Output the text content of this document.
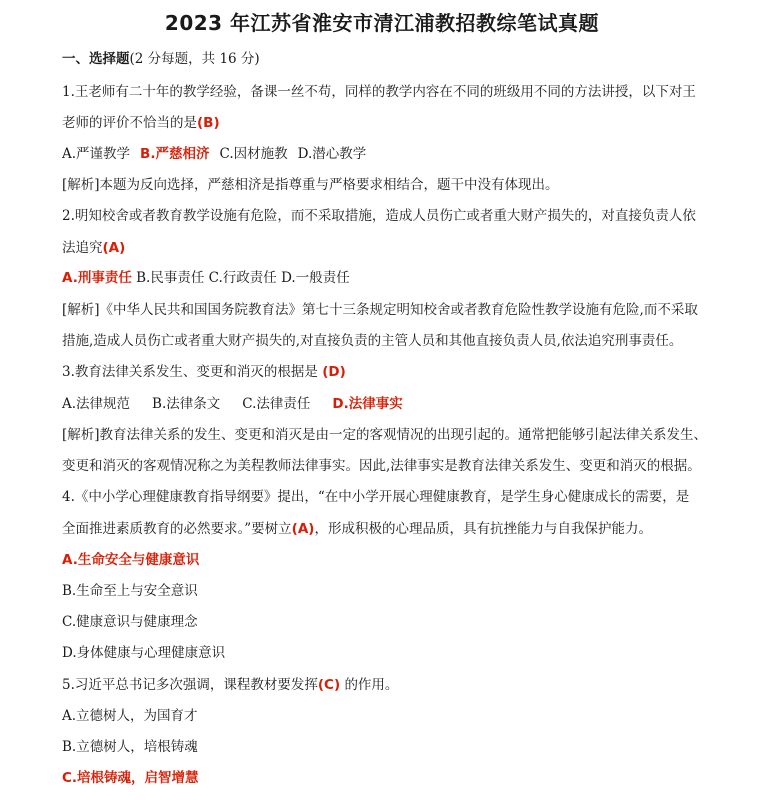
2023 年江苏省淮安市清江浦教招教综笔试真题
一、选择题(2 分每题，共 16 分)
1.王老师有二十年的教学经验，备课一丝不苟，同样的教学内容在不同的班级用不同的方法讲授，以下对王
老师的评价不恰当的是(B)
A.严谨教学 B.严慈相济 C.因材施教 D.潜心教学
[解析]本题为反向选择，严慈相济是指尊重与严格要求相结合，题干中没有体现出。
2.明知校舍或者教育教学设施有危险，而不采取措施，造成人员伤亡或者重大财产损失的，对直接负责人依
法追究(A)
A.刑事责任 B.民事责任 C.行政责任 D.一般责任
[解析]《中华人民共和国国务院教育法》第七十三条规定明知校舍或者教育危险性教学设施有危险,而不采取
措施,造成人员伤亡或者重大财产损失的,对直接负责的主管人员和其他直接负责人员,依法追究刑事责任。
3.教育法律关系发生、变更和消灭的根据是 (D)
A.法律规范 B.法律条文 C.法律责任 D.法律事实
[解析]教育法律关系的发生、变更和消灭是由一定的客观情况的出现引起的。通常把能够引起法律关系发生、
变更和消灭的客观情况称之为美程教师法律事实。因此,法律事实是教育法律关系发生、变更和消灭的根据。
4.《中小学心理健康教育指导纲要》提出，“在中小学开展心理健康教育，是学生身心健康成长的需要，是
全面推进素质教育的必然要求。”要树立(A)，形成积极的心理品质，具有抗挫能力与自我保护能力。
A.生命安全与健康意识
B.生命至上与安全意识
C.健康意识与健康理念
D.身体健康与心理健康意识
5.习近平总书记多次强调，课程教材要发挥(C) 的作用。
A.立德树人，为国育才
B.立德树人，培根铸魂
C.培根铸魂，启智增慧
